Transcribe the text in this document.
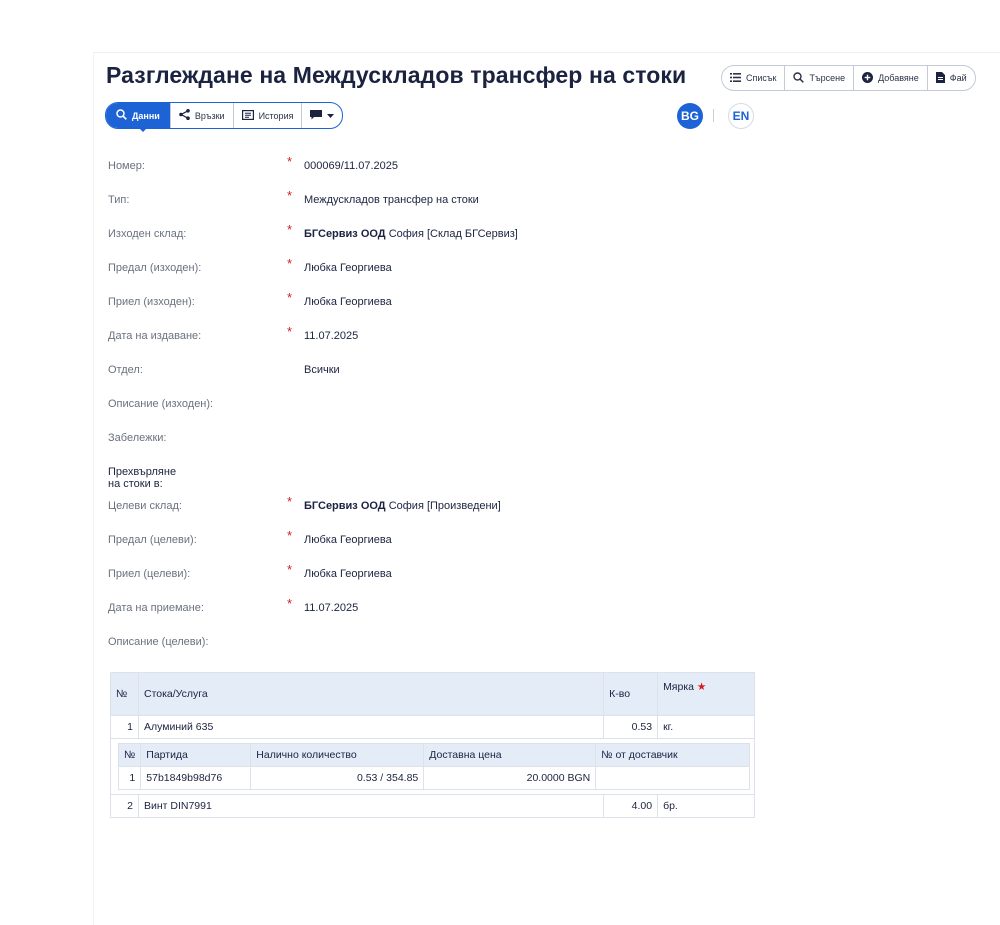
Разглеждане на Междускладов трансфер на стоки	Списък	Търсене	Добавяне	Фай
Данни	Връзки	История	BG	EN
Номер:	* 000069/11.07.2025
Тип:	* Междускладов трансфер на стоки
Изходен склад:	* БГСервиз ООД София [Склад БГСервиз]
Предал (изходен):	* Любка Георгиева
Приел (изходен):	* Любка Георгиева
Дата на издаване:	* 11.07.2025
Отдел:	Всички
Описание (изходен):
Забележки:
Прехвърляне на стоки в:
Целеви склад:	* БГСервиз ООД София [Произведени]
Предал (целеви):	* Любка Георгиева
Приел (целеви):	* Любка Георгиева
Дата на приемане:	* 11.07.2025
Описание (целеви):
№	Стока/Услуга	К-во	Мярка ★
1	Алуминий 635	0.53	кг.

№	Партида	Налично количество	Доставна цена	№ от доставчик
1	57b1849b98d76	0.53 / 354.85	20.0000 BGN	

2	Винт DIN7991	4.00	бр.
